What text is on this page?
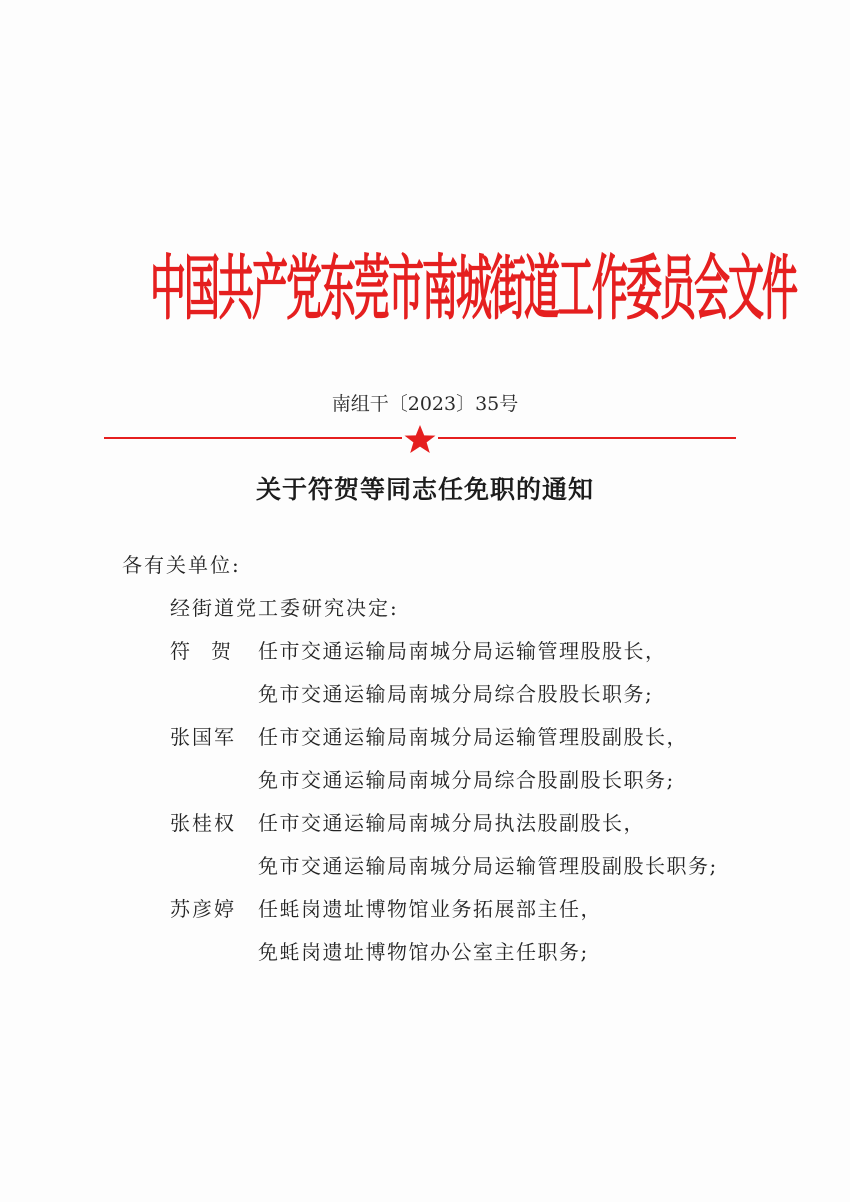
中国共产党东莞市南城街道工作委员会文件
南组干〔2023〕35号
关于符贺等同志任免职的通知
各有关单位:
经街道党工委研究决定:
符贺 任市交通运输局南城分局运输管理股股长，
免市交通运输局南城分局综合股股长职务;
张国军 任市交通运输局南城分局运输管理股副股长，
免市交通运输局南城分局综合股副股长职务;
张桂权 任市交通运输局南城分局执法股副股长，
免市交通运输局南城分局运输管理股副股长职务;
苏彦婷 任蚝岗遗址博物馆业务拓展部主任，
免蚝岗遗址博物馆办公室主任职务;
